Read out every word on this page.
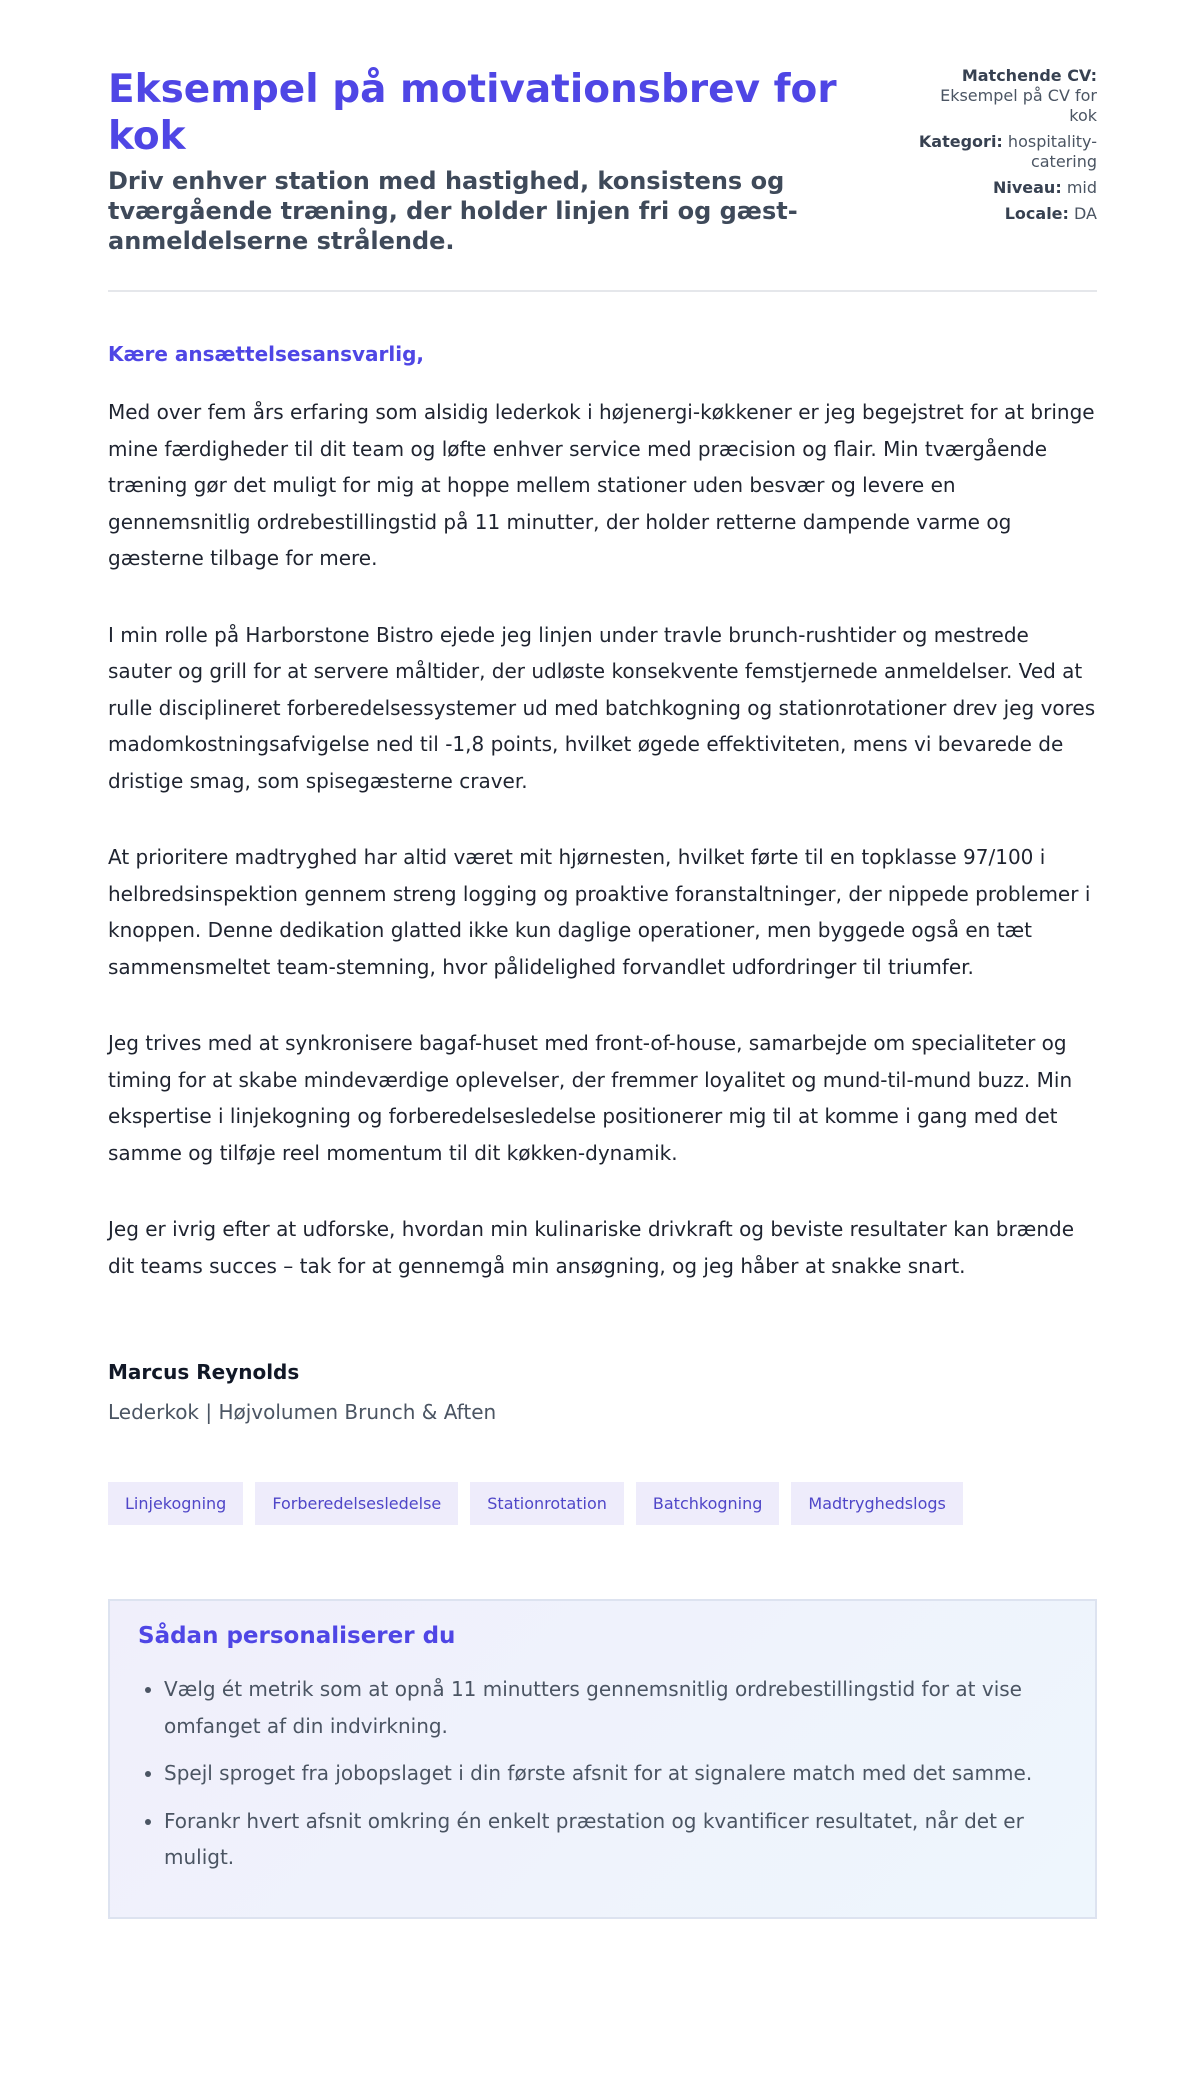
Eksempel på motivationsbrev for kok

Driv enhver station med hastighed, konsistens og tværgående træning, der holder linjen fri og gæst-anmeldelserne strålende.

Matchende CV: Eksempel på CV for kok
Kategori: hospitality-catering
Niveau: mid
Locale: DA
Kære ansættelsesansvarlig,

Med over fem års erfaring som alsidig lederkok i højenergi-køkkener er jeg begejstret for at bringe mine færdigheder til dit team og løfte enhver service med præcision og flair. Min tværgående træning gør det muligt for mig at hoppe mellem stationer uden besvær og levere en gennemsnitlig ordrebestillingstid på 11 minutter, der holder retterne dampende varme og gæsterne tilbage for mere.

I min rolle på Harborstone Bistro ejede jeg linjen under travle brunch-rushtider og mestrede sauter og grill for at servere måltider, der udløste konsekvente femstjernede anmeldelser. Ved at rulle disciplineret forberedelsessystemer ud med batchkogning og stationrotationer drev jeg vores madomkostningsafvigelse ned til -1,8 points, hvilket øgede effektiviteten, mens vi bevarede de dristige smag, som spisegæsterne craver.

At prioritere madtryghed har altid været mit hjørnesten, hvilket førte til en topklasse 97/100 i helbredsinspektion gennem streng logging og proaktive foranstaltninger, der nippede problemer i knoppen. Denne dedikation glatted ikke kun daglige operationer, men byggede også en tæt sammensmeltet team-stemning, hvor pålidelighed forvandlet udfordringer til triumfer.

Jeg trives med at synkronisere bagaf-huset med front-of-house, samarbejde om specialiteter og timing for at skabe mindeværdige oplevelser, der fremmer loyalitet og mund-til-mund buzz. Min ekspertise i linjekogning og forberedelsesledelse positionerer mig til at komme i gang med det samme og tilføje reel momentum til dit køkken-dynamik.

Jeg er ivrig efter at udforske, hvordan min kulinariske drivkraft og beviste resultater kan brænde dit teams succes – tak for at gennemgå min ansøgning, og jeg håber at snakke snart.

Marcus Reynolds
Lederkok | Højvolumen Brunch & Aften
Linjekogning	Forberedelsesledelse	Stationrotation	Batchkogning	Madtryghedslogs
Sådan personaliserer du
• Vælg ét metrik som at opnå 11 minutters gennemsnitlig ordrebestillingstid for at vise omfanget af din indvirkning.
• Spejl sproget fra jobopslaget i din første afsnit for at signalere match med det samme.
• Forankr hvert afsnit omkring én enkelt præstation og kvantificer resultatet, når det er muligt.
